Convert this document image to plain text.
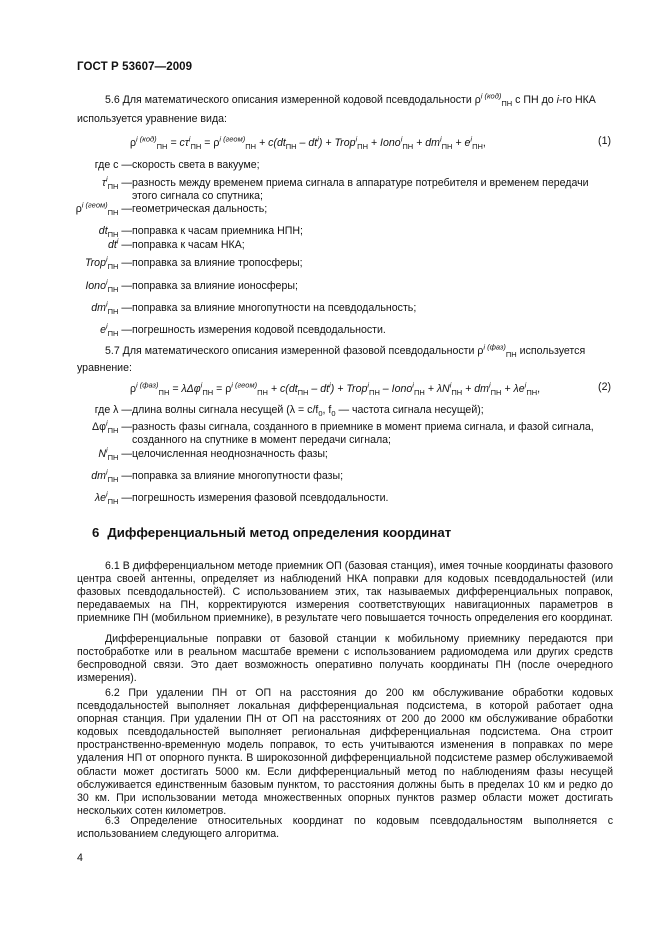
ГОСТ Р 53607—2009
5.6 Для математического описания измеренной кодовой псевдодальности $\rho^{i (код)}_{ПН}$ с ПН до i-го НКА
используется уравнение вида:
$\rho^{i (код)}_{ПН} = c\tau^i_{ПН} = \rho^{i (геом)}_{ПН} + c(dt_{ПН} - dt^i)$ + Trop$^i_{ПН}$ + Iono$^i_{ПН}$ + $dm^i_{ПН} + e^i_{ПН}$,	(1)
где c — скорость света в вакууме;
$\tau^i_{ПН}$ — разность между временем приема сигнала в аппаратуре потребителя и временем передачи
этого сигнала со спутника;
$\rho^{i (геом)}_{ПН}$ — геометрическая дальность;
$dt_{ПН}$ — поправка к часам приемника НПН;
$dt^i$ — поправка к часам НКА;
Trop$^i_{ПН}$ — поправка за влияние тропосферы;
Iono$^i_{ПН}$ — поправка за влияние ионосферы;
$dm^i_{ПН}$ — поправка за влияние многопутности на псевдодальность;
$e^i_{ПН}$ — погрешность измерения кодовой псевдодальности.
5.7 Для математического описания измеренной фазовой псевдодальности $\rho^{i (фаз)}_{ПН}$ используется
уравнение:
$\rho^{i (фаз)}_{ПН} = \lambda\Delta\varphi^i_{ПН} = \rho^{i (геом)}_{ПН} + c(dt_{ПН} - dt^i)$ + Trop$^i_{ПН}$ – Iono$^i_{ПН}$ + $\lambda N^i_{ПН} + dm^i_{ПН} + \lambda e^i_{ПН}$,	(2)
где λ — длина волны сигнала несущей ($\lambda = c/f_0$, $f_0$ — частота сигнала несущей);
$\Delta\varphi^i_{ПН}$ — разность фазы сигнала, созданного в приемнике в момент приема сигнала, и фазой сигнала,
созданного на спутнике в момент передачи сигнала;
$N^i_{ПН}$ — целочисленная неоднозначность фазы;
$dm^i_{ПН}$ — поправка за влияние многопутности фазы;
$\lambda e^i_{ПН}$ — погрешность измерения фазовой псевдодальности.
6 Дифференциальный метод определения координат
6.1 В дифференциальном методе приемник ОП (базовая станция), имея точные координаты фазового центра своей антенны, определяет из наблюдений НКА поправки для кодовых псевдодальностей (или фазовых псевдодальностей). С использованием этих, так называемых дифференциальных поправок, передаваемых на ПН, корректируются измерения соответствующих навигационных параметров в приемнике ПН (мобильном приемнике), в результате чего повышается точность определения его координат.
Дифференциальные поправки от базовой станции к мобильному приемнику передаются при постобработке или в реальном масштабе времени с использованием радиомодема или других средств беспроводной связи. Это дает возможность оперативно получать координаты ПН (после очередного измерения).
6.2 При удалении ПН от ОП на расстояния до 200 км обслуживание обработки кодовых псевдодальностей выполняет локальная дифференциальная подсистема, в которой работает одна опорная станция. При удалении ПН от ОП на расстояниях от 200 до 2000 км обслуживание обработки кодовых псевдодальностей выполняет региональная дифференциальная подсистема. Она строит пространственно-временную модель поправок, то есть учитываются изменения в поправках по мере удаления НП от опорного пункта. В широкозонной дифференциальной подсистеме размер обслуживаемой области может достигать 5000 км. Если дифференциальный метод по наблюдениям фазы несущей обслуживается единственным базовым пунктом, то расстояния должны быть в пределах 10 км и редко до 30 км. При использовании метода множественных опорных пунктов размер области может достигать нескольких сотен километров.
6.3 Определение относительных координат по кодовым псевдодальностям выполняется с использованием следующего алгоритма.
4
